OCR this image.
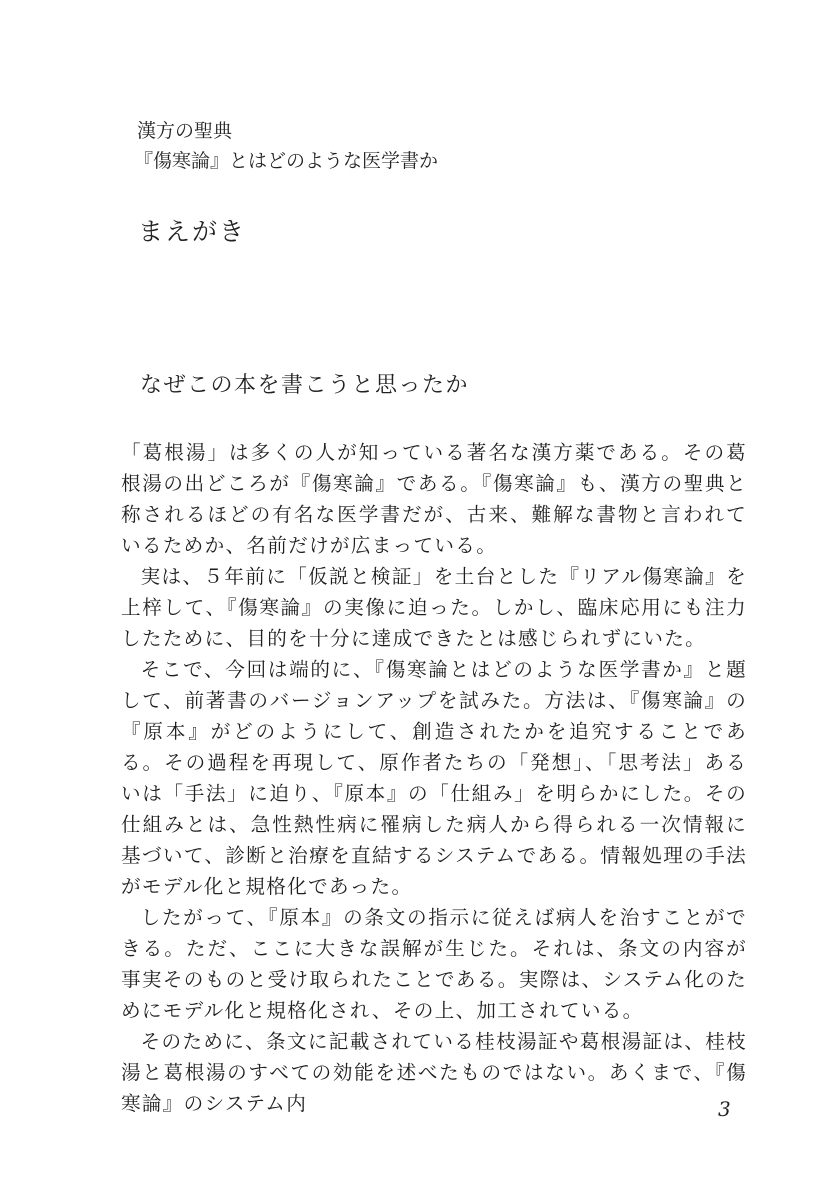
漢方の聖典
『傷寒論』とはどのような医学書か
まえがき
なぜこの本を書こうと思ったか

「葛根湯」は多くの人が知っている著名な漢方薬である。その葛根湯の出どころが『傷寒論』である。『傷寒論』も、漢方の聖典と称されるほどの有名な医学書だが、古来、難解な書物と言われているためか、名前だけが広まっている。

実は、５年前に「仮説と検証」を土台とした『リアル傷寒論』を上梓して、『傷寒論』の実像に迫った。しかし、臨床応用にも注力したために、目的を十分に達成できたとは感じられずにいた。

そこで、今回は端的に、『傷寒論とはどのような医学書か』と題して、前著書のバージョンアップを試みた。方法は、『傷寒論』の『原本』がどのようにして、創造されたかを追究することである。その過程を再現して、原作者たちの「発想」、「思考法」あるいは「手法」に迫り、『原本』の「仕組み」を明らかにした。その仕組みとは、急性熱性病に罹病した病人から得られる一次情報に基づいて、診断と治療を直結するシステムである。情報処理の手法がモデル化と規格化であった。

したがって、『原本』の条文の指示に従えば病人を治すことができる。ただ、ここに大きな誤解が生じた。それは、条文の内容が事実そのものと受け取られたことである。実際は、システム化のためにモデル化と規格化され、その上、加工されている。

そのために、条文に記載されている桂枝湯証や葛根湯証は、桂枝湯と葛根湯のすべての効能を述べたものではない。あくまで、『傷寒論』のシステム内	3
